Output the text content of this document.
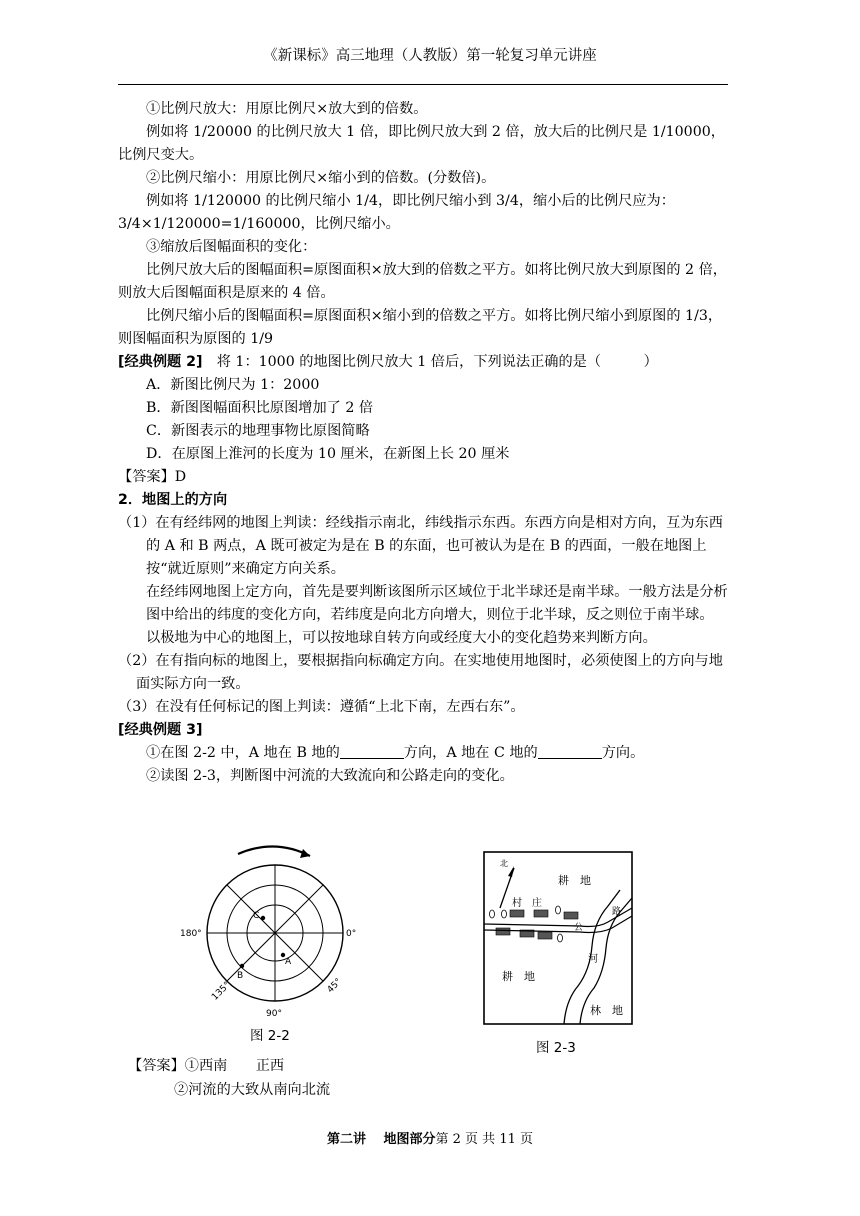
《新课标》高三地理（人教版）第一轮复习单元讲座

①比例尺放大：用原比例尺×放大到的倍数。

例如将 1/20000 的比例尺放大 1 倍，即比例尺放大到 2 倍，放大后的比例尺是 1/10000，比例尺变大。

②比例尺缩小：用原比例尺×缩小到的倍数。(分数倍)。

例如将 1/120000 的比例尺缩小 1/4，即比例尺缩小到 3/4，缩小后的比例尺应为：3/4×1/120000=1/160000，比例尺缩小。

③缩放后图幅面积的变化：

比例尺放大后的图幅面积=原图面积×放大到的倍数之平方。如将比例尺放大到原图的 2 倍，则放大后图幅面积是原来的 4 倍。

比例尺缩小后的图幅面积=原图面积×缩小到的倍数之平方。如将比例尺缩小到原图的 1/3，则图幅面积为原图的 1/9

[经典例题 2]　将 1：1000 的地图比例尺放大 1 倍后，下列说法正确的是（　　　）

A．新图比例尺为 1：2000

B．新图图幅面积比原图增加了 2 倍

C．新图表示的地理事物比原图简略

D．在原图上淮河的长度为 10 厘米，在新图上长 20 厘米

【答案】D

2．地图上的方向

（1）在有经纬网的地图上判读：经线指示南北，纬线指示东西。东西方向是相对方向，互为东西的 A 和 B 两点，A 既可被定为是在 B 的东面，也可被认为是在 B 的西面，一般在地图上按“就近原则”来确定方向关系。

在经纬网地图上定方向，首先是要判断该图所示区域位于北半球还是南半球。一般方法是分析图中给出的纬度的变化方向，若纬度是向北方向增大，则位于北半球，反之则位于南半球。

以极地为中心的地图上，可以按地球自转方向或经度大小的变化趋势来判断方向。

（2）在有指向标的地图上，要根据指向标确定方向。在实地使用地图时，必须使图上的方向与地面实际方向一致。

（3）在没有任何标记的图上判读：遵循“上北下南，左西右东”。

[经典例题 3]

①在图 2-2 中，A 地在 B 地的	方向，A 地在 C 地的	方向。

②读图 2-3，判断图中河流的大致流向和公路走向的变化。

180°	0°
90°
135°	45°
C
A
B
图 2-2
北
耕　地
村　庄
公
路
河
耕　地
林　地
图 2-3
【答案】①西南　　正西
②河流的大致从南向北流
第二讲　 地图部分第 2 页 共 11 页
